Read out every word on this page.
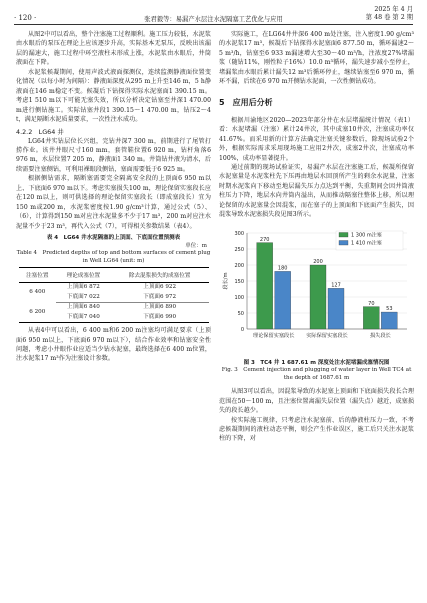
· 120 ·	张君毅等：易漏产水层注水泥隔塞工艺优化与应用
2025 年 4 月
第 48 卷 第 2 期

从图2中可以看出，整个注塞施工过程顺利。施工压力较低，水泥浆由水眼后的泵压在理论上应该逐步升高，实际基本无泵压，反映出该漏层的漏速大，施工过程中环空液柱未形成上涨，水泥浆由水眼后，井筒液面在下降。

水泥浆候凝期间，使用声波式液面探测仪，连续监测静液面位置变化情况（以每小时为间隔）：静液面深度从295 m上升至146 m，5 h静液面在146 m稳定不变。候凝后下钻探得实际水泥塞面1 390.15 m。考虑1 510 m以下可能无塞失效，所以分析决定钻塞至井深1 470.00 m进行侧钻施工。实际钻塞井段1 390.15～1 470.00 m，钻压2～4 t，满足隔断水泥质量要求，一次性注水成功。

4.2.2　LG64 井

LG64井实钻层位长兴组，完钻井深7 300 m，前期进行了尾管打捞作业。该井井眼尺寸160 mm，套管鞋位置6 920 m，钻杆角落6 976 m，水层位置7 205 m，静液面1 340 m。井筒钻井液为清水，后续需要注塞侧钻，可利用裸眼段侧钻，塞面需要低于6 925 m。

根据侧钻需求，隔断塞需要完全隔离安全段的上顶面6 950 m以上、下底面6 970 m以下。考虑实塞损失100 m，理论保留实塞段长应在120 m以上，则可供选择的理论保留实塞段长（即成塞段长）宜为150 m或200 m，水泥浆密度按1.90 g/cm³计算，通过公式（5）、（6），计算得到150 m对应注水泥量多不少于17 m³，200 m对应注水泥量不少于23 m³，再代入公式（7），可得相关参数结果（表4）。

表 4　LG64 井水泥隔塞的上顶面、下底面位置预测表
单位：m
Table 4　Predicted depths of top and bottom surfaces of cement plug in Well LG64 (unit: m)
注塞位置	理论成塞位置	除去混浆损失的成塞位置
6 400	上顶面6 872	上顶面6 922
	下底面7 022	下底面6 972
6 200	上顶面6 840	上顶面6 890
	下底面7 040	下底面6 990

从表4中可以看出，6 400 m和6 200 m注塞均可满足要求（上顶面6 950 m以上，下底面6 970 m以下），结合作业效率和钻塞安全性问题，考虑小井眼作业应适当少钻水泥塞，最终选择在6 400 m位置，注水泥浆17 m³作为注塞设计参数。

实际施工，在LG64井井深6 400 m处注塞，注入密度1.90 g/cm³的水泥浆17 m³，候凝后下钻探得水泥塞面6 877.50 m，循环漏速2～5 m³/h，钻塞至6 933 m漏速增大至30～40 m³/h，注浓度27%堵漏浆（随钻11%，刚性粒子16%）10.0 m³循环，漏失速步减小至停止，堵漏浆由水眼后累计漏失12 m³后循环停止，继续钻塞至6 970 m，循环不漏，后续在6 970 m开侧钻水泥面，一次性侧钻成功。

5　应用后分析

根据川渝地区2020—2023年部分井在水层堵漏统计情况（表1）看：水泥堵漏（注塞）累计24井次，其中成塞10井次，注塞成功率仅41.67%。而采用新的计算方法确定注塞关键参数后，除现场试验2个外，根据实际需求采用现场施工应用2井次，成塞2井次，注塞成功率100%，成功率显著提升。

通过前期的现场试验证实，易漏产水层在注塞施工后，候凝所保留水泥塞量是水泥浆柱先下压再由地层水回顶所产生的剩余水泥量，注塞时期水泥浆向下移动至地层漏失压力点达到平衡，失重期间会因井筒液柱压力下降，地层水向井筒内溢出，从而推动隔塞往整体上移，所以理论保留的水泥塞量会因混浆，而在塞子的上顶面和下底面产生损失，因混浆导致水泥塞损失段见图3所示。

0
50
100
150
200
250
300
段长/m
270
180
理论保留实塞段长
200
127
实际保留实塞段长
70
53
损失段长
1 300 m注塞
1 410 m注塞
图 3　TC4 井 1 687.61 m 深度处注水泥堵漏成塞情况图
Fig. 3　Cement injection and plugging of water layer in Well TC4 at the depth of 1687.61 m

从图3可以看出，因混浆导致的水泥塞上顶面和下底面损失段长合理范围在50～100 m，且注塞位置离漏失层位置（漏失点）越近，成塞损失的段长越少。

按实际施工规律，只考虑注水泥塞前、后的静液柱压力一致，不考虑候凝期间的液柱动态平衡，则会产生作业误区，施工后只关注水泥浆柱的下降，对
